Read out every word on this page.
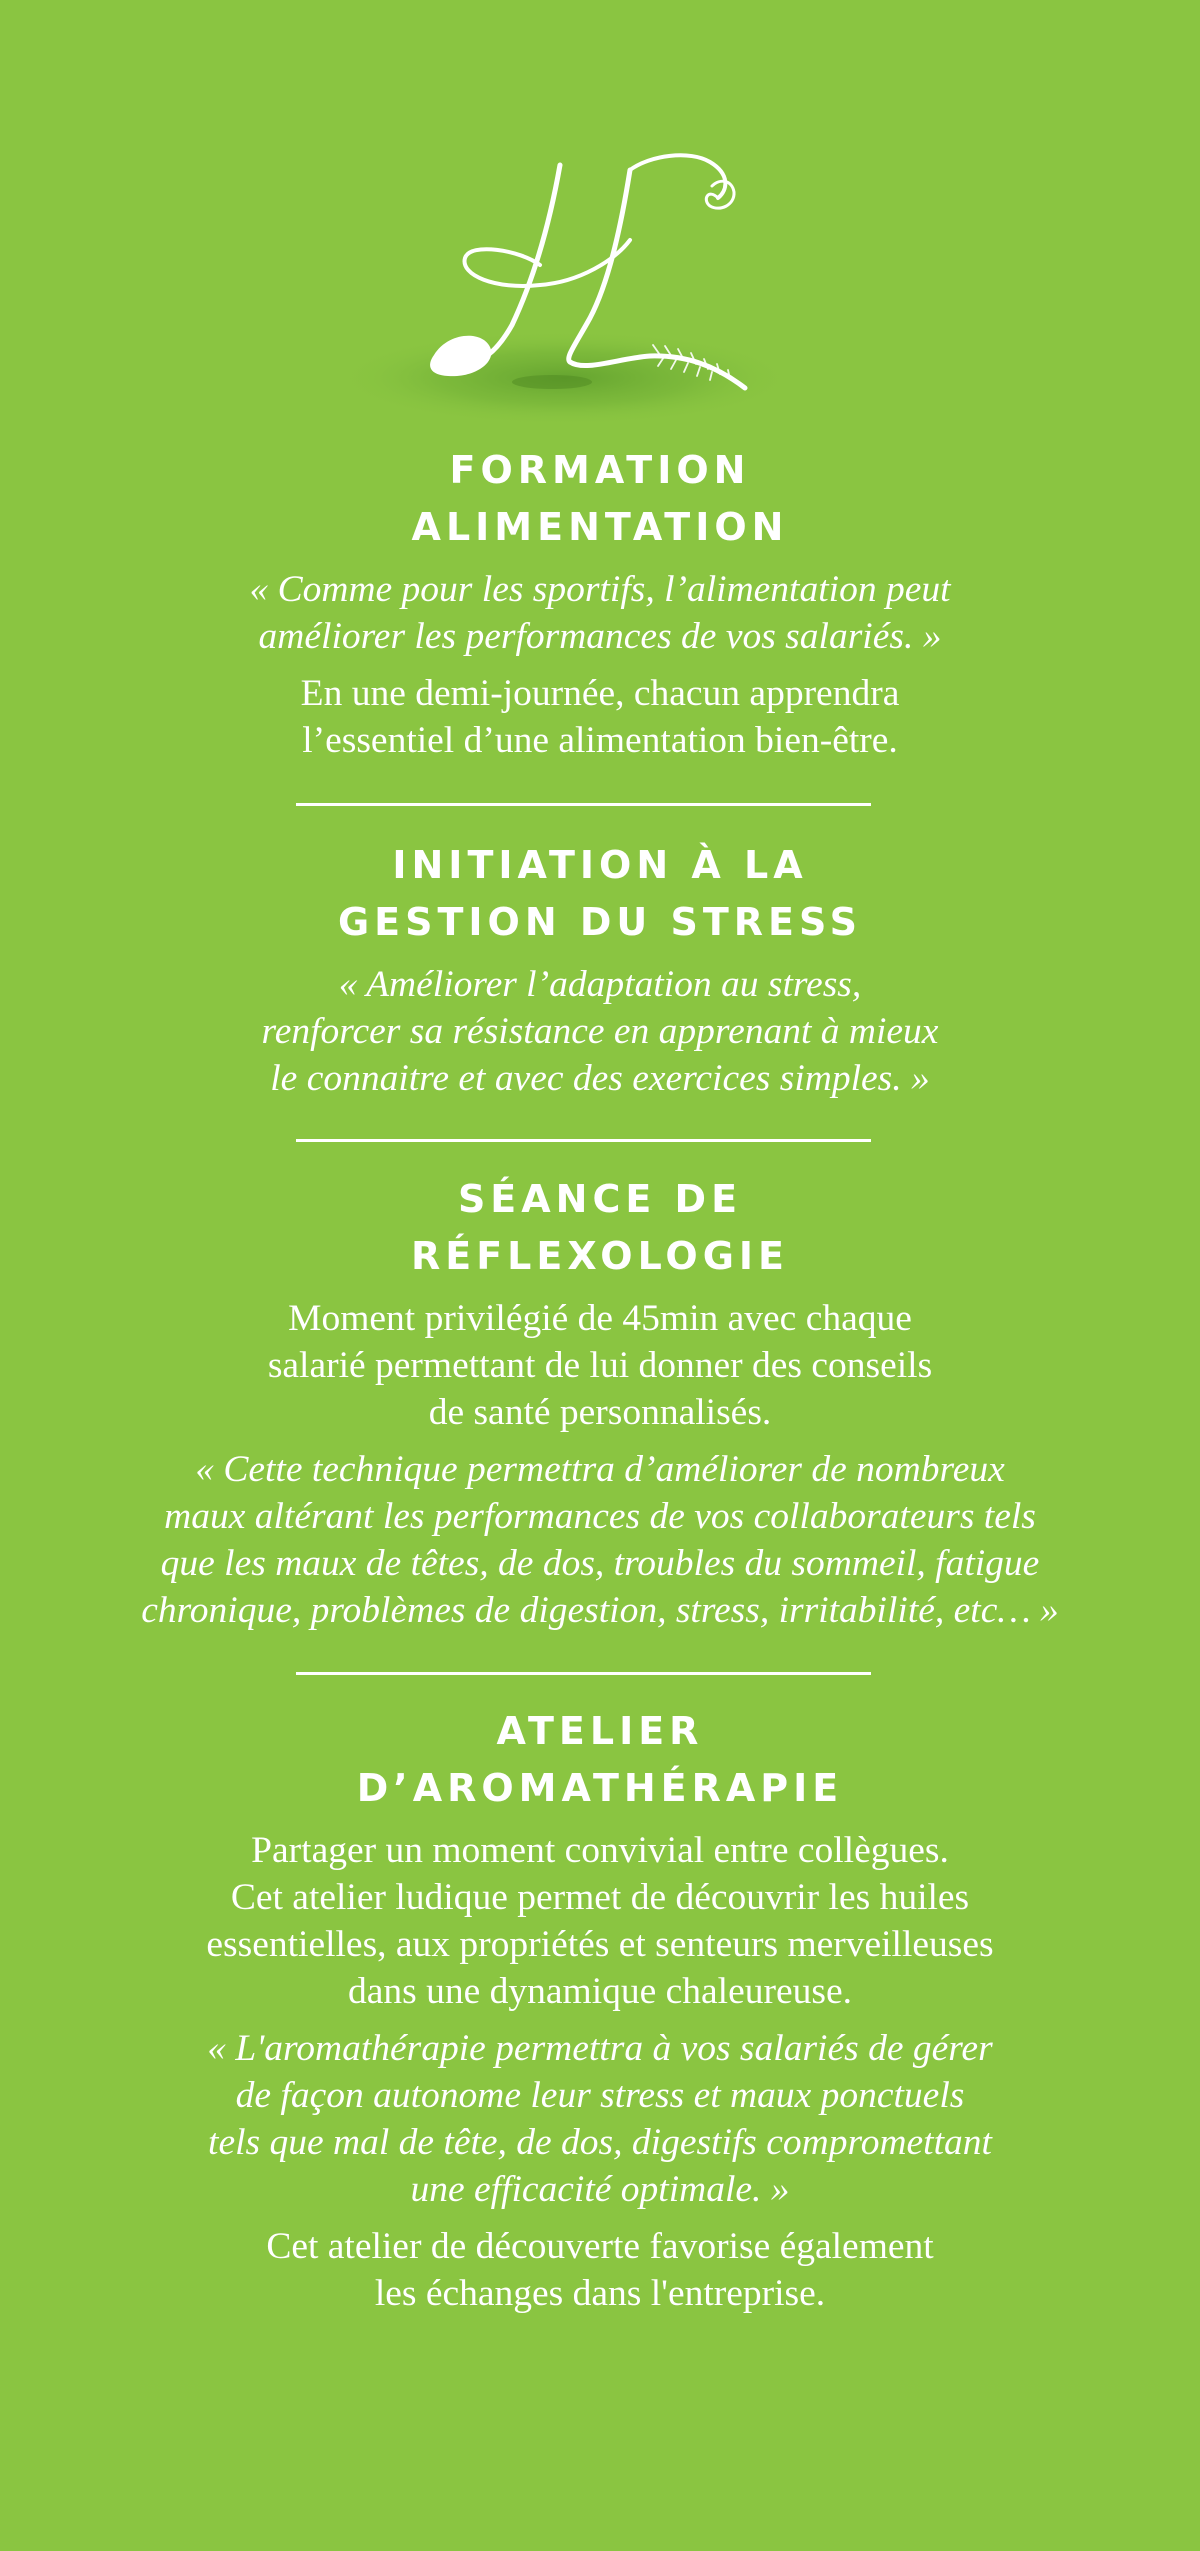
FORMATION
ALIMENTATION

« Comme pour les sportifs, l’alimentation peut
améliorer les performances de vos salariés. »

En une demi-journée, chacun apprendra
l’essentiel d’une alimentation bien-être.

INITIATION À LA
GESTION DU STRESS

« Améliorer l’adaptation au stress,
renforcer sa résistance en apprenant à mieux
le connaitre et avec des exercices simples. »

SÉANCE DE
RÉFLEXOLOGIE

Moment privilégié de 45min avec chaque
salarié permettant de lui donner des conseils
de santé personnalisés.

« Cette technique permettra d’améliorer de nombreux
maux altérant les performances de vos collaborateurs tels
que les maux de têtes, de dos, troubles du sommeil, fatigue
chronique, problèmes de digestion, stress, irritabilité, etc… »

ATELIER
D’AROMATHÉRAPIE

Partager un moment convivial entre collègues.
Cet atelier ludique permet de découvrir les huiles
essentielles, aux propriétés et senteurs merveilleuses
dans une dynamique chaleureuse.

« L'aromathérapie permettra à vos salariés de gérer
de façon autonome leur stress et maux ponctuels
tels que mal de tête, de dos, digestifs compromettant
une efficacité optimale. »

Cet atelier de découverte favorise également
les échanges dans l'entreprise.
